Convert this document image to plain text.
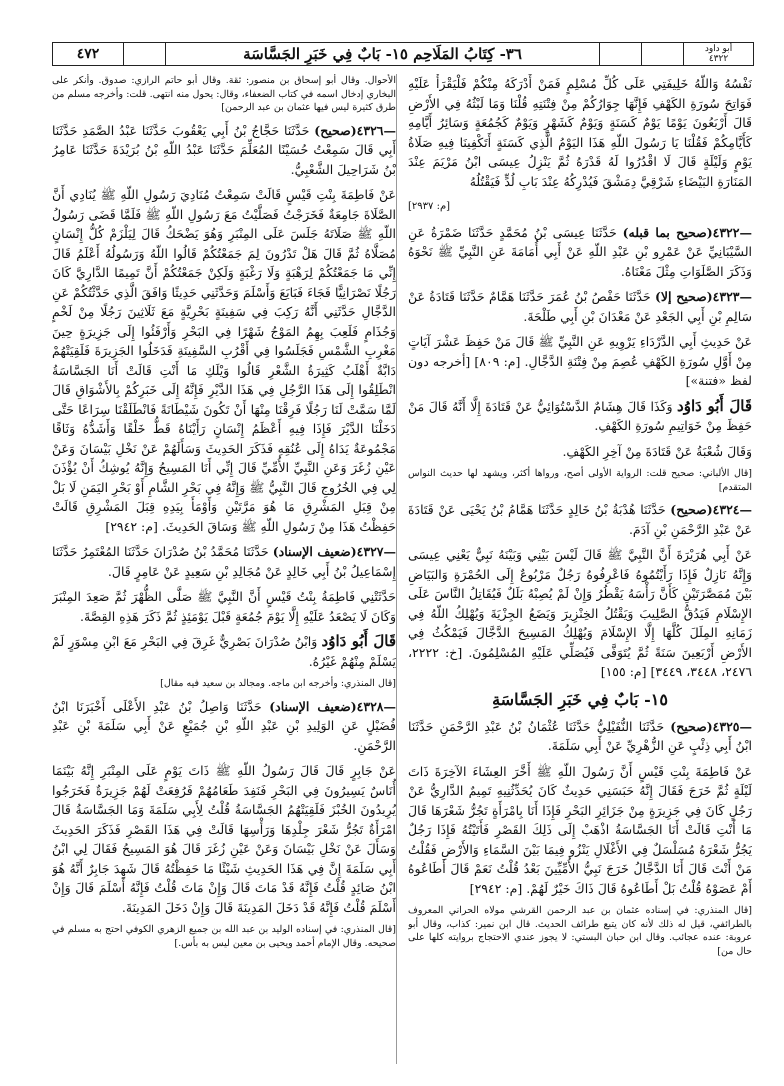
أبو داود
٤٣٢٢
٣٦- كِتَابُ المَلَاحِم ١٥- بَابٌ فِي خَبَرِ الجَسَّاسَة
٤٧٢

نَفْسُهُ وَاللّهُ خَلِيفَتِي عَلَى كُلِّ مُسْلِمٍ فَمَنْ أَدْرَكَهُ مِنْكُمْ فَلْيَقْرَأْ عَلَيْهِ فَوَاتِحَ سُورَةِ الكَهْفِ فَإِنَّهَا جِوَارُكُمْ مِنْ فِتْنَتِهِ قُلْنَا وَمَا لَبْثُهُ فِي الأَرْضِ قَالَ أَرْبَعُونَ يَوْمًا يَوْمٌ كَسَنَةٍ وَيَوْمٌ كَشَهْرٍ وَيَوْمٌ كَجُمُعَةٍ وَسَائِرُ أَيَّامِهِ كَأَيَّامِكُمْ فَقُلْنَا يَا رَسُولَ اللّهِ هَذَا اليَوْمُ الَّذِي كَسَنَةٍ أَتَكْفِينَا فِيهِ صَلَاةُ يَوْمٍ وَلَيْلَةٍ قَالَ لَا اقْدُرُوا لَهُ قَدْرَهُ ثُمَّ يَنْزِلُ عِيسَى ابْنُ مَرْيَمَ عِنْدَ المَنَارَةِ البَيْضَاءِ شَرْقِيَّ دِمَشْقَ فَيُدْرِكُهُ عِنْدَ بَابِ لُدٍّ فَيَقْتُلُهُ

[م: ٢٩٣٧]

—٤٣٢٢(صحيح بما قبله) حَدَّثَنَا عِيسَى بْنُ مُحَمَّدٍ حَدَّثَنَا ضَمْرَةُ عَنِ السَّيْبَانِيِّ عَنْ عَمْرِو بْنِ عَبْدِ اللّهِ عَنْ أَبِي أُمَامَةَ عَنِ النَّبِيِّ ﷺ نَحْوَهُ وَذَكَرَ الصَّلَوَاتِ مِثْلَ مَعْنَاهُ.

—٤٣٢٣(صحيح إلا) حَدَّثَنَا حَفْصُ بْنُ عُمَرَ حَدَّثَنَا هَمَّامٌ حَدَّثَنَا قَتَادَةُ عَنْ سَالِمِ بْنِ أَبِي الجَعْدِ عَنْ مَعْدَانَ بْنِ أَبِي طَلْحَةَ.

عَنْ حَدِيثِ أَبِي الدَّرْدَاءِ يَرْوِيهِ عَنِ النَّبِيِّ ﷺ قَالَ مَنْ حَفِظَ عَشْرَ آيَاتٍ مِنْ أَوَّلِ سُورَةِ الكَهْفِ عُصِمَ مِنْ فِتْنَةِ الدَّجَّالِ. [م: ٨٠٩] [أخرجه دون لفظ «فتنة»]

قَالَ أَبُو دَاوُد وَكَذَا قَالَ هِشَامٌ الدَّسْتُوَائِيُّ عَنْ قَتَادَةَ إِلَّا أَنَّهُ قَالَ مَنْ حَفِظَ مِنْ خَوَاتِيمِ سُورَةِ الكَهْفِ.

وَقَالَ شُعْبَةُ عَنْ قَتَادَةَ مِنْ آخِرِ الكَهْفِ.

[قال الألباني: صحيح قلت: الرواية الأولى أصح، ورواها أكثر، ويشهد لها حديث النواس المتقدم]

—٤٣٢٤(صحيح) حَدَّثَنَا هُدْبَةُ بْنُ خَالِدٍ حَدَّثَنَا هَمَّامُ بْنُ يَحْيَى عَنْ قَتَادَةَ عَنْ عَبْدِ الرَّحْمَنِ بْنِ آدَمَ.

عَنْ أَبِي هُرَيْرَةَ أَنَّ النَّبِيَّ ﷺ قَالَ لَيْسَ بَيْنِي وَبَيْنَهُ نَبِيٌّ يَعْنِي عِيسَى وَإِنَّهُ نَازِلٌ فَإِذَا رَأَيْتُمُوهُ فَاعْرِفُوهُ رَجُلٌ مَرْبُوعٌ إِلَى الحُمْرَةِ وَالبَيَاضِ بَيْنَ مُمَصَّرَتَيْنِ كَأَنَّ رَأْسَهُ يَقْطُرُ وَإِنْ لَمْ يُصِبْهُ بَلَلٌ فَيُقَاتِلُ النَّاسَ عَلَى الإِسْلَامِ فَيَدُقُّ الصَّلِيبَ وَيَقْتُلُ الخِنْزِيرَ وَيَضَعُ الجِزْيَةَ وَيُهْلِكُ اللّهُ فِي زَمَانِهِ المِلَلَ كُلَّهَا إِلَّا الإِسْلَامَ وَيُهْلِكُ المَسِيحَ الدَّجَّالَ فَيَمْكُثُ فِي الأَرْضِ أَرْبَعِينَ سَنَةً ثُمَّ يُتَوَفَّى فَيُصَلِّي عَلَيْهِ المُسْلِمُونَ. [خ: ٢٢٢٢، ٢٤٧٦، ٣٤٤٨، ٣٤٤٩] [م: ١٥٥]

١٥- بَابٌ فِي خَبَرِ الجَسَّاسَةِ

—٤٣٢٥(صحيح) حَدَّثَنَا النُّفَيْلِيُّ حَدَّثَنَا عُثْمَانُ بْنُ عَبْدِ الرَّحْمَنِ حَدَّثَنَا ابْنُ أَبِي ذِئْبٍ عَنِ الزُّهْرِيِّ عَنْ أَبِي سَلَمَةَ.

عَنْ فَاطِمَةَ بِنْتِ قَيْسٍ أَنَّ رَسُولَ اللّهِ ﷺ أَخَّرَ العِشَاءَ الآخِرَةَ ذَاتَ لَيْلَةٍ ثُمَّ خَرَجَ فَقَالَ إِنَّهُ حَبَسَنِي حَدِيثٌ كَانَ يُحَدِّثُنِيهِ تَمِيمٌ الدَّارِيُّ عَنْ رَجُلٍ كَانَ فِي جَزِيرَةٍ مِنْ جَزَائِرِ البَحْرِ فَإِذَا أَنَا بِامْرَأَةٍ تَجُرُّ شَعْرَهَا قَالَ مَا أَنْتِ قَالَتْ أَنَا الجَسَّاسَةُ اذْهَبْ إِلَى ذَلِكَ القَصْرِ فَأَتَيْتُهُ فَإِذَا رَجُلٌ يَجُرُّ شَعْرَهُ مُسَلْسَلٌ فِي الأَغْلَالِ يَنْزُو فِيمَا بَيْنَ السَّمَاءِ وَالأَرْضِ فَقُلْتُ مَنْ أَنْتَ قَالَ أَنَا الدَّجَّالُ خَرَجَ نَبِيُّ الأُمِّيِّينَ بَعْدُ قُلْتُ نَعَمْ قَالَ أَطَاعُوهُ أَمْ عَصَوْهُ قُلْتُ بَلْ أَطَاعُوهُ قَالَ ذَاكَ خَيْرٌ لَهُمْ. [م: ٢٩٤٢]

[قال المنذري: في إسناده عثمان بن عبد الرحمن القرشي مولاه الحراني المعروف بالطرائفي، قيل له ذلك لأنه كان يتبع طرائف الحديث. قال ابن نمير: كذاب، وقال أبو عروبة: عنده عجائب. وقال ابن حبان البستي: لا يجوز عندي الاحتجاج بروايته كلها على حال من]

الأحوال. وقال أبو إسحاق بن منصور: ثقة. وقال أبو حاتم الرازي: صدوق. وأنكر على البخاري إدخال اسمه في كتاب الضعفاء، وقال: يحول منه انتهى. قلت: وأخرجه مسلم من طرق كثيرة ليس فيها عثمان بن عبد الرحمن]

—٤٣٢٦(صحيح) حَدَّثَنَا حَجَّاجُ بْنُ أَبِي يَعْقُوبَ حَدَّثَنَا عَبْدُ الصَّمَدِ حَدَّثَنَا أَبِي قَالَ سَمِعْتُ حُسَيْنًا المُعَلِّمَ حَدَّثَنَا عَبْدُ اللّهِ بْنُ بُرَيْدَةَ حَدَّثَنَا عَامِرُ بْنُ شَرَاحِيلَ الشَّعْبِيُّ.

عَنْ فَاطِمَةَ بِنْتِ قَيْسٍ قَالَتْ سَمِعْتُ مُنَادِيَ رَسُولِ اللّهِ ﷺ يُنَادِي أَنَّ الصَّلَاةَ جَامِعَةٌ فَخَرَجْتُ فَصَلَّيْتُ مَعَ رَسُولِ اللّهِ ﷺ فَلَمَّا قَضَى رَسُولُ اللّهِ ﷺ صَلَاتَهُ جَلَسَ عَلَى المِنْبَرِ وَهُوَ يَضْحَكُ قَالَ لِيَلْزَمْ كُلُّ إِنْسَانٍ مُصَلَّاهُ ثُمَّ قَالَ هَلْ تَدْرُونَ لِمَ جَمَعْتُكُمْ قَالُوا اللّهُ وَرَسُولُهُ أَعْلَمُ قَالَ إِنِّي مَا جَمَعْتُكُمْ لِرَهْبَةٍ وَلَا رَغْبَةٍ وَلَكِنْ جَمَعْتُكُمْ أَنَّ تَمِيمًا الدَّارِيَّ كَانَ رَجُلًا نَصْرَانِيًّا فَجَاءَ فَبَايَعَ وَأَسْلَمَ وَحَدَّثَنِي حَدِيثًا وَافَقَ الَّذِي حَدَّثْتُكُمْ عَنِ الدَّجَّالِ حَدَّثَنِي أَنَّهُ رَكِبَ فِي سَفِينَةٍ بَحْرِيَّةٍ مَعَ ثَلَاثِينَ رَجُلًا مِنْ لَخْمٍ وَجُذَامٍ فَلَعِبَ بِهِمُ المَوْجُ شَهْرًا فِي البَحْرِ وَأَرْفَئُوا إِلَى جَزِيرَةٍ حِينَ مَغْرِبِ الشَّمْسِ فَجَلَسُوا فِي أَقْرُبِ السَّفِينَةِ فَدَخَلُوا الجَزِيرَةَ فَلَقِيَتْهُمْ دَابَّةٌ أَهْلَبُ كَثِيرَةُ الشَّعْرِ قَالُوا وَيْلَكِ مَا أَنْتِ قَالَتْ أَنَا الجَسَّاسَةُ انْطَلِقُوا إِلَى هَذَا الرَّجُلِ فِي هَذَا الدَّيْرِ فَإِنَّهُ إِلَى خَبَرِكُمْ بِالأَشْوَاقِ قَالَ لَمَّا سَمَّتْ لَنَا رَجُلًا فَرِقْنَا مِنْهَا أَنْ تَكُونَ شَيْطَانَةً فَانْطَلَقْنَا سِرَاعًا حَتَّى دَخَلْنَا الدَّيْرَ فَإِذَا فِيهِ أَعْظَمُ إِنْسَانٍ رَأَيْنَاهُ قَطُّ خَلْقًا وَأَشَدُّهُ وَثَاقًا مَجْمُوعَةٌ يَدَاهُ إِلَى عُنُقِهِ فَذَكَرَ الحَدِيثَ وَسَأَلَهُمْ عَنْ نَخْلِ بَيْسَانَ وَعَنْ عَيْنِ زُغَرَ وَعَنِ النَّبِيِّ الأُمِّيِّ قَالَ إِنِّي أَنَا المَسِيحُ وَإِنَّهُ يُوشِكُ أَنْ يُؤْذَنَ لِي فِي الخُرُوجِ قَالَ النَّبِيُّ ﷺ وَإِنَّهُ فِي بَحْرِ الشَّامِ أَوْ بَحْرِ اليَمَنِ لَا بَلْ مِنْ قِبَلِ المَشْرِقِ مَا هُوَ مَرَّتَيْنِ وَأَوْمَأَ بِيَدِهِ قِبَلَ المَشْرِقِ قَالَتْ حَفِظْتُ هَذَا مِنْ رَسُولِ اللّهِ ﷺ وَسَاقَ الحَدِيثَ. [م: ٢٩٤٢]

—٤٣٢٧(ضعيف الإسناد) حَدَّثَنَا مُحَمَّدُ بْنُ صُدْرَانَ حَدَّثَنَا المُعْتَمِرُ حَدَّثَنَا إِسْمَاعِيلُ بْنُ أَبِي خَالِدٍ عَنْ مُجَالِدِ بْنِ سَعِيدٍ عَنْ عَامِرٍ قَالَ.

حَدَّثَتْنِي فَاطِمَةُ بِنْتُ قَيْسٍ أَنَّ النَّبِيَّ ﷺ صَلَّى الظُّهْرَ ثُمَّ صَعِدَ المِنْبَرَ وَكَانَ لَا يَصْعَدُ عَلَيْهِ إِلَّا يَوْمَ جُمُعَةٍ قَبْلَ يَوْمَئِذٍ ثُمَّ ذَكَرَ هَذِهِ القِصَّةَ.

قَالَ أَبُو دَاوُد وَابْنُ صُدْرَانَ بَصْرِيٌّ غَرِقَ فِي البَحْرِ مَعَ ابْنِ مِسْوَرٍ لَمْ يَسْلَمْ مِنْهُمْ غَيْرُهُ.

[قال المنذري: وأخرجه ابن ماجه. ومجالد بن سعيد فيه مقال]

—٤٣٢٨(ضعيف الإسناد) حَدَّثَنَا وَاصِلُ بْنُ عَبْدِ الأَعْلَى أَخْبَرَنَا ابْنُ فُضَيْلٍ عَنِ الوَلِيدِ بْنِ عَبْدِ اللّهِ بْنِ جُمَيْعٍ عَنْ أَبِي سَلَمَةَ بْنِ عَبْدِ الرَّحْمَنِ.

عَنْ جَابِرٍ قَالَ قَالَ رَسُولُ اللّهِ ﷺ ذَاتَ يَوْمٍ عَلَى المِنْبَرِ إِنَّهُ بَيْنَمَا أُنَاسٌ يَسِيرُونَ فِي البَحْرِ فَنَفِدَ طَعَامُهُمْ فَرُفِعَتْ لَهُمْ جَزِيرَةٌ فَخَرَجُوا يُرِيدُونَ الخُبْزَ فَلَقِيَتْهُمُ الجَسَّاسَةُ قُلْتُ لِأَبِي سَلَمَةَ وَمَا الجَسَّاسَةُ قَالَ امْرَأَةٌ تَجُرُّ شَعْرَ جِلْدِهَا وَرَأْسِهَا قَالَتْ فِي هَذَا القَصْرِ فَذَكَرَ الحَدِيثَ وَسَأَلَ عَنْ نَخْلِ بَيْسَانَ وَعَنْ عَيْنِ زُغَرَ قَالَ هُوَ المَسِيحُ فَقَالَ لِي ابْنُ أَبِي سَلَمَةَ إِنَّ فِي هَذَا الحَدِيثِ شَيْئًا مَا حَفِظْتُهُ قَالَ شَهِدَ جَابِرٌ أَنَّهُ هُوَ ابْنُ صَائِدٍ قُلْتُ فَإِنَّهُ قَدْ مَاتَ قَالَ وَإِنْ مَاتَ قُلْتُ فَإِنَّهُ أَسْلَمَ قَالَ وَإِنْ أَسْلَمَ قُلْتُ فَإِنَّهُ قَدْ دَخَلَ المَدِينَةَ قَالَ وَإِنْ دَخَلَ المَدِينَةَ.

[قال المنذري: في إسناده الوليد بن عبد الله بن جميع الزهري الكوفي احتج به مسلم في صحيحه. وقال الإمام أحمد ويحيى بن معين ليس به بأس.]
